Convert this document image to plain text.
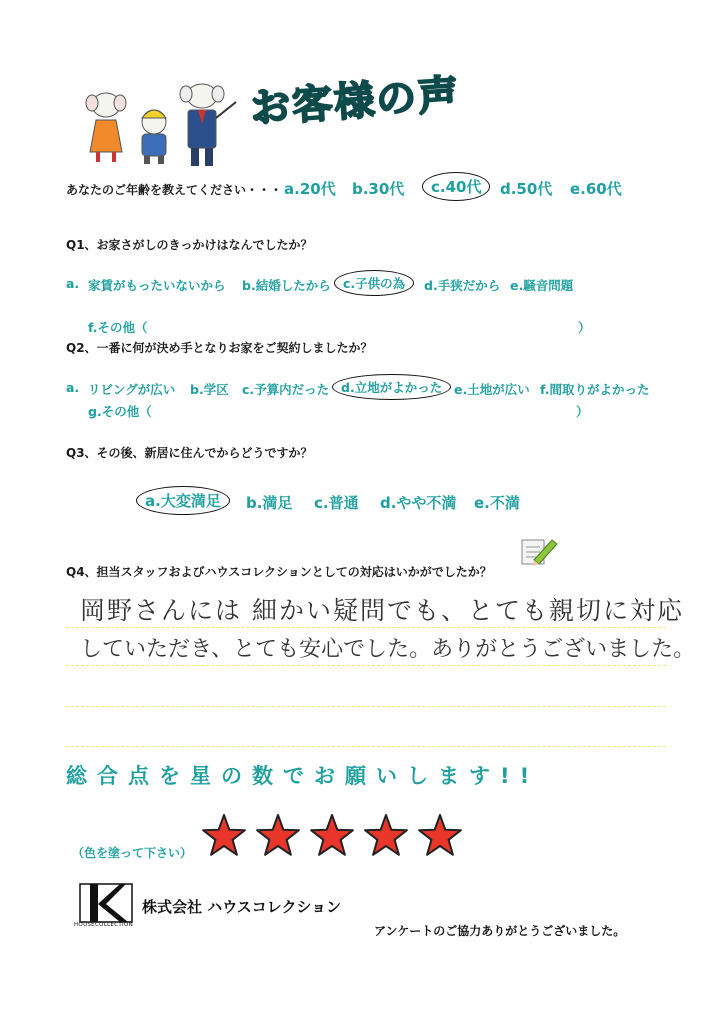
お客様の声
あなたのご年齢を教えてください・・・ a.20代 b.30代	c.40代	d.50代 e.60代
Q1、お家さがしのきっかけはなんでしたか？
a. 家賃がもったいないから b.結婚したから c.子供の為	d.手狭だから e.騒音問題
f.その他（	）
Q2、一番に何が決め手となりお家をご契約しましたか？
a. リビングが広い b.学区 c.予算内だった d.立地がよかった e.土地が広い f.間取りがよかった
g.その他（	）
Q3、その後、新居に住んでからどうですか？
a.大変満足	b.満足 c.普通 d.やや不満 e.不満
Q4、担当スタッフおよびハウスコレクションとしての対応はいかがでしたか？
岡野さんには 細かい疑問でも、とても親切に対応
していただき、とても安心でした。ありがとうございました。
総合点を星の数でお願いします!!
（色を塗って下さい）
HOUSECOLLECTION
株式会社 ハウスコレクション
アンケートのご協力ありがとうございました。
